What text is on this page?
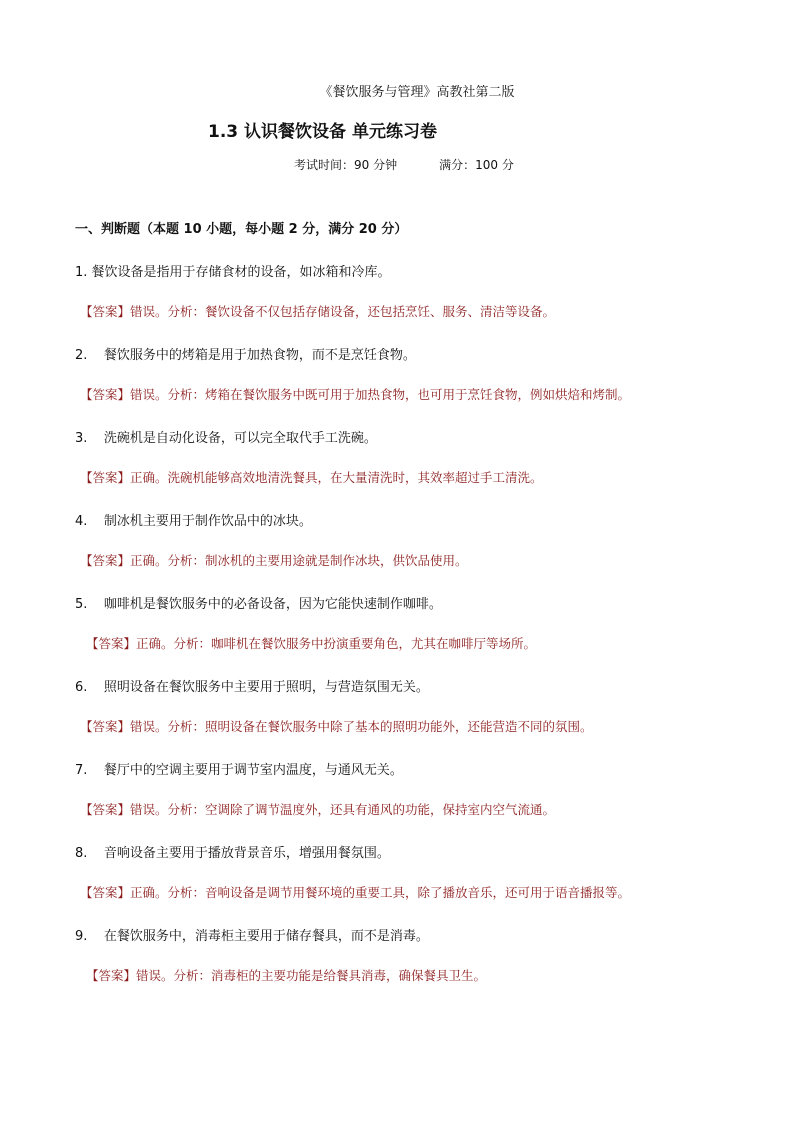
《餐饮服务与管理》高教社第二版
1.3 认识餐饮设备 单元练习卷
考试时间：90 分钟	满分：100 分
一、判断题（本题 10 小题，每小题 2 分，满分 20 分）
1. 餐饮设备是指用于存储食材的设备，如冰箱和冷库。
【答案】错误。分析：餐饮设备不仅包括存储设备，还包括烹饪、服务、清洁等设备。
2.    餐饮服务中的烤箱是用于加热食物，而不是烹饪食物。
【答案】错误。分析：烤箱在餐饮服务中既可用于加热食物，也可用于烹饪食物，例如烘焙和烤制。
3.    洗碗机是自动化设备，可以完全取代手工洗碗。
【答案】正确。洗碗机能够高效地清洗餐具，在大量清洗时，其效率超过手工清洗。
4.    制冰机主要用于制作饮品中的冰块。
【答案】正确。分析：制冰机的主要用途就是制作冰块，供饮品使用。
5.    咖啡机是餐饮服务中的必备设备，因为它能快速制作咖啡。
【答案】正确。分析：咖啡机在餐饮服务中扮演重要角色，尤其在咖啡厅等场所。
6.    照明设备在餐饮服务中主要用于照明，与营造氛围无关。
【答案】错误。分析：照明设备在餐饮服务中除了基本的照明功能外，还能营造不同的氛围。
7.    餐厅中的空调主要用于调节室内温度，与通风无关。
【答案】错误。分析：空调除了调节温度外，还具有通风的功能，保持室内空气流通。
8.    音响设备主要用于播放背景音乐，增强用餐氛围。
【答案】正确。分析：音响设备是调节用餐环境的重要工具，除了播放音乐，还可用于语音播报等。
9.    在餐饮服务中，消毒柜主要用于储存餐具，而不是消毒。
【答案】错误。分析：消毒柜的主要功能是给餐具消毒，确保餐具卫生。
